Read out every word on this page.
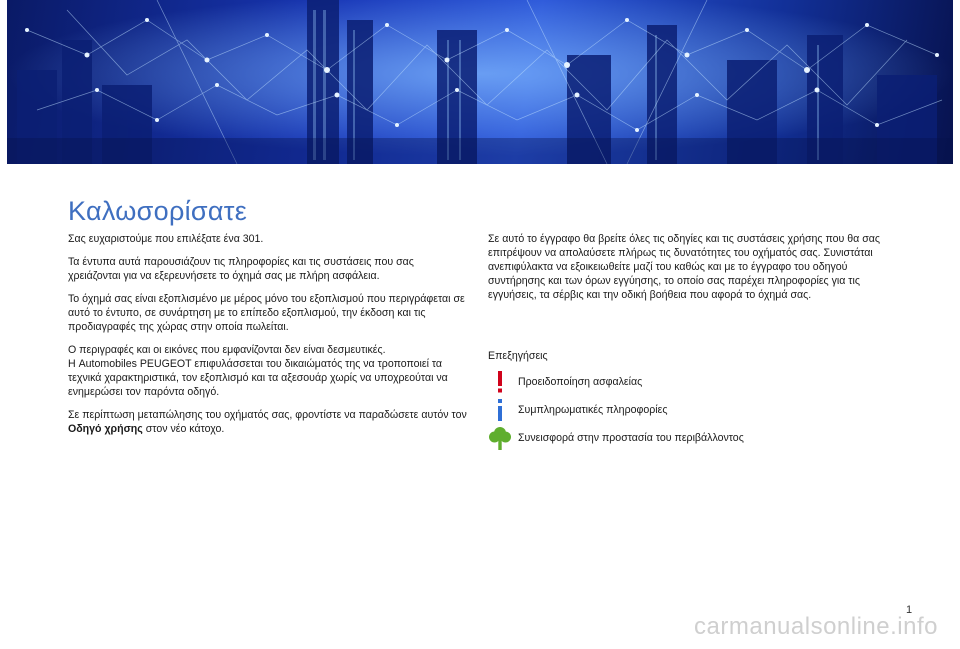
Καλωσορίσατε

Σας ευχαριστούμε που επιλέξατε ένα 301.

Τα έντυπα αυτά παρουσιάζουν τις πληροφορίες και τις συστάσεις που σας χρειάζονται για να εξερευνήσετε το όχημά σας με πλήρη ασφάλεια.

Το όχημά σας είναι εξοπλισμένο με μέρος μόνο του εξοπλισμού που περιγράφεται σε αυτό το έντυπο, σε συνάρτηση με το επίπεδο εξοπλισμού, την έκδοση και τις προδιαγραφές της χώρας στην οποία πωλείται.

Ο περιγραφές και οι εικόνες που εμφανίζονται δεν είναι δεσμευτικές.
Η Automobiles PEUGEOT επιφυλάσσεται του δικαιώματός της να τροποποιεί τα τεχνικά χαρακτηριστικά, τον εξοπλισμό και τα αξεσουάρ χωρίς να υποχρεούται να ενημερώσει τον παρόντα οδηγό.

Σε περίπτωση μεταπώλησης του οχήματός σας, φροντίστε να παραδώσετε αυτόν τον Οδηγό χρήσης στον νέο κάτοχο.

Σε αυτό το έγγραφο θα βρείτε όλες τις οδηγίες και τις συστάσεις χρήσης που θα σας επιτρέψουν να απολαύσετε πλήρως τις δυνατότητες του οχήματός σας. Συνιστάται ανεπιφύλακτα να εξοικειωθείτε μαζί του καθώς και με το έγγραφο του οδηγού συντήρησης και των όρων εγγύησης, το οποίο σας παρέχει πληροφορίες για τις εγγυήσεις, τα σέρβις και την οδική βοήθεια που αφορά το όχημά σας.

Επεξηγήσεις

Προειδοποίηση ασφαλείας
Συμπληρωματικές πληροφορίες
Συνεισφορά στην προστασία του περιβάλλοντος
1
carmanualsonline.info
